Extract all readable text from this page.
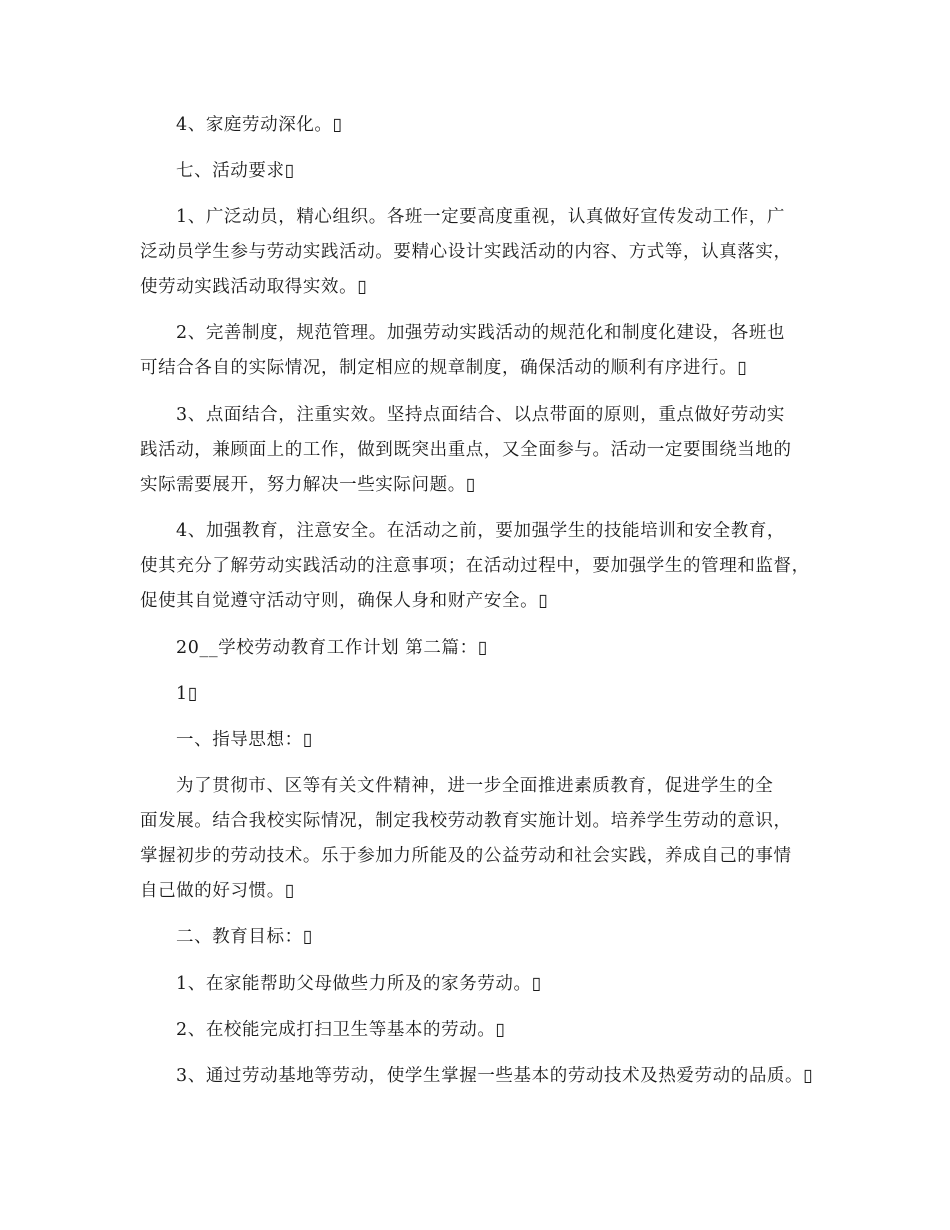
4、家庭劳动深化。▯
七、活动要求▯
1、广泛动员，精心组织。各班一定要高度重视，认真做好宣传发动工作，广
泛动员学生参与劳动实践活动。要精心设计实践活动的内容、方式等，认真落实，
使劳动实践活动取得实效。▯
2、完善制度，规范管理。加强劳动实践活动的规范化和制度化建设，各班也
可结合各自的实际情况，制定相应的规章制度，确保活动的顺利有序进行。▯
3、点面结合，注重实效。坚持点面结合、以点带面的原则，重点做好劳动实
践活动，兼顾面上的工作，做到既突出重点，又全面参与。活动一定要围绕当地的
实际需要展开，努力解决一些实际问题。▯
4、加强教育，注意安全。在活动之前，要加强学生的技能培训和安全教育，
使其充分了解劳动实践活动的注意事项；在活动过程中，要加强学生的管理和监督，
促使其自觉遵守活动守则，确保人身和财产安全。▯
20__学校劳动教育工作计划 第二篇：▯
1▯
一、指导思想：▯
为了贯彻市、区等有关文件精神，进一步全面推进素质教育，促进学生的全
面发展。结合我校实际情况，制定我校劳动教育实施计划。培养学生劳动的意识，
掌握初步的劳动技术。乐于参加力所能及的公益劳动和社会实践，养成自己的事情
自己做的好习惯。▯
二、教育目标：▯
1、在家能帮助父母做些力所及的家务劳动。▯
2、在校能完成打扫卫生等基本的劳动。▯
3、通过劳动基地等劳动，使学生掌握一些基本的劳动技术及热爱劳动的品质。▯
